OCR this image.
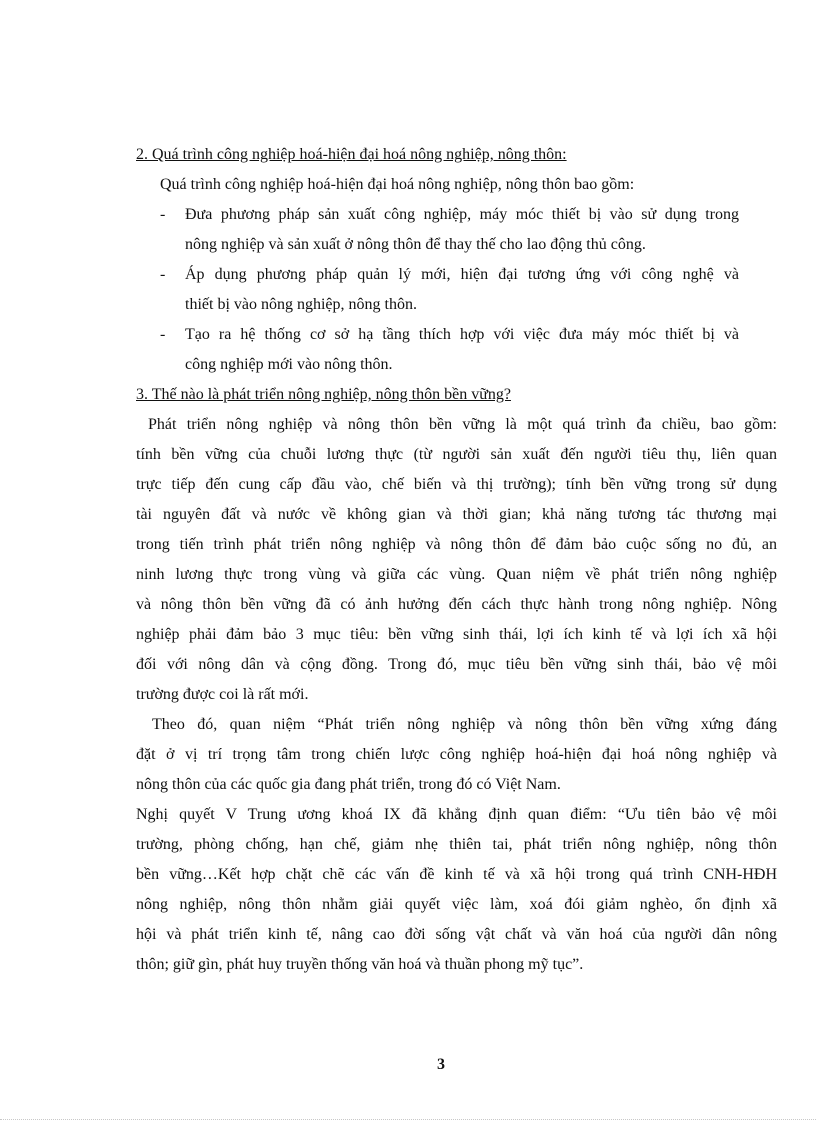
2. Quá trình công nghiệp hoá-hiện đại hoá nông nghiệp, nông thôn:
Quá trình công nghiệp hoá-hiện đại hoá nông nghiệp, nông thôn bao gồm:
- Đưa phương pháp sản xuất công nghiệp, máy móc thiết bị vào sử dụng trong
nông nghiệp và sản xuất ở nông thôn để thay thế cho lao động thủ công.
- Áp dụng phương pháp quản lý mới, hiện đại tương ứng với công nghệ và
thiết bị vào nông nghiệp, nông thôn.
- Tạo ra hệ thống cơ sở hạ tầng thích hợp với việc đưa máy móc thiết bị và
công nghiệp mới vào nông thôn.
3. Thế nào là phát triển nông nghiệp, nông thôn bền vững?
Phát triển nông nghiệp và nông thôn bền vững là một quá trình đa chiều, bao gồm:
tính bền vững của chuỗi lương thực (từ người sản xuất đến người tiêu thụ, liên quan
trực tiếp đến cung cấp đầu vào, chế biến và thị trường); tính bền vững trong sử dụng
tài nguyên đất và nước về không gian và thời gian; khả năng tương tác thương mại
trong tiến trình phát triển nông nghiệp và nông thôn để đảm bảo cuộc sống no đủ, an
ninh lương thực trong vùng và giữa các vùng. Quan niệm về phát triển nông nghiệp
và nông thôn bền vững đã có ảnh hưởng đến cách thực hành trong nông nghiệp. Nông
nghiệp phải đảm bảo 3 mục tiêu: bền vững sinh thái, lợi ích kinh tế và lợi ích xã hội
đối với nông dân và cộng đồng. Trong đó, mục tiêu bền vững sinh thái, bảo vệ môi
trường được coi là rất mới.
Theo đó, quan niệm “Phát triển nông nghiệp và nông thôn bền vững xứng đáng
đặt ở vị trí trọng tâm trong chiến lược công nghiệp hoá-hiện đại hoá nông nghiệp và
nông thôn của các quốc gia đang phát triển, trong đó có Việt Nam.
Nghị quyết V Trung ương khoá IX đã khẳng định quan điểm: “Ưu tiên bảo vệ môi
trường, phòng chống, hạn chế, giảm nhẹ thiên tai, phát triển nông nghiệp, nông thôn
bền vững…Kết hợp chặt chẽ các vấn đề kinh tế và xã hội trong quá trình CNH-HĐH
nông nghiệp, nông thôn nhằm giải quyết việc làm, xoá đói giảm nghèo, ổn định xã
hội và phát triển kinh tế, nâng cao đời sống vật chất và văn hoá của người dân nông
thôn; giữ gìn, phát huy truyền thống văn hoá và thuần phong mỹ tục”.
3
